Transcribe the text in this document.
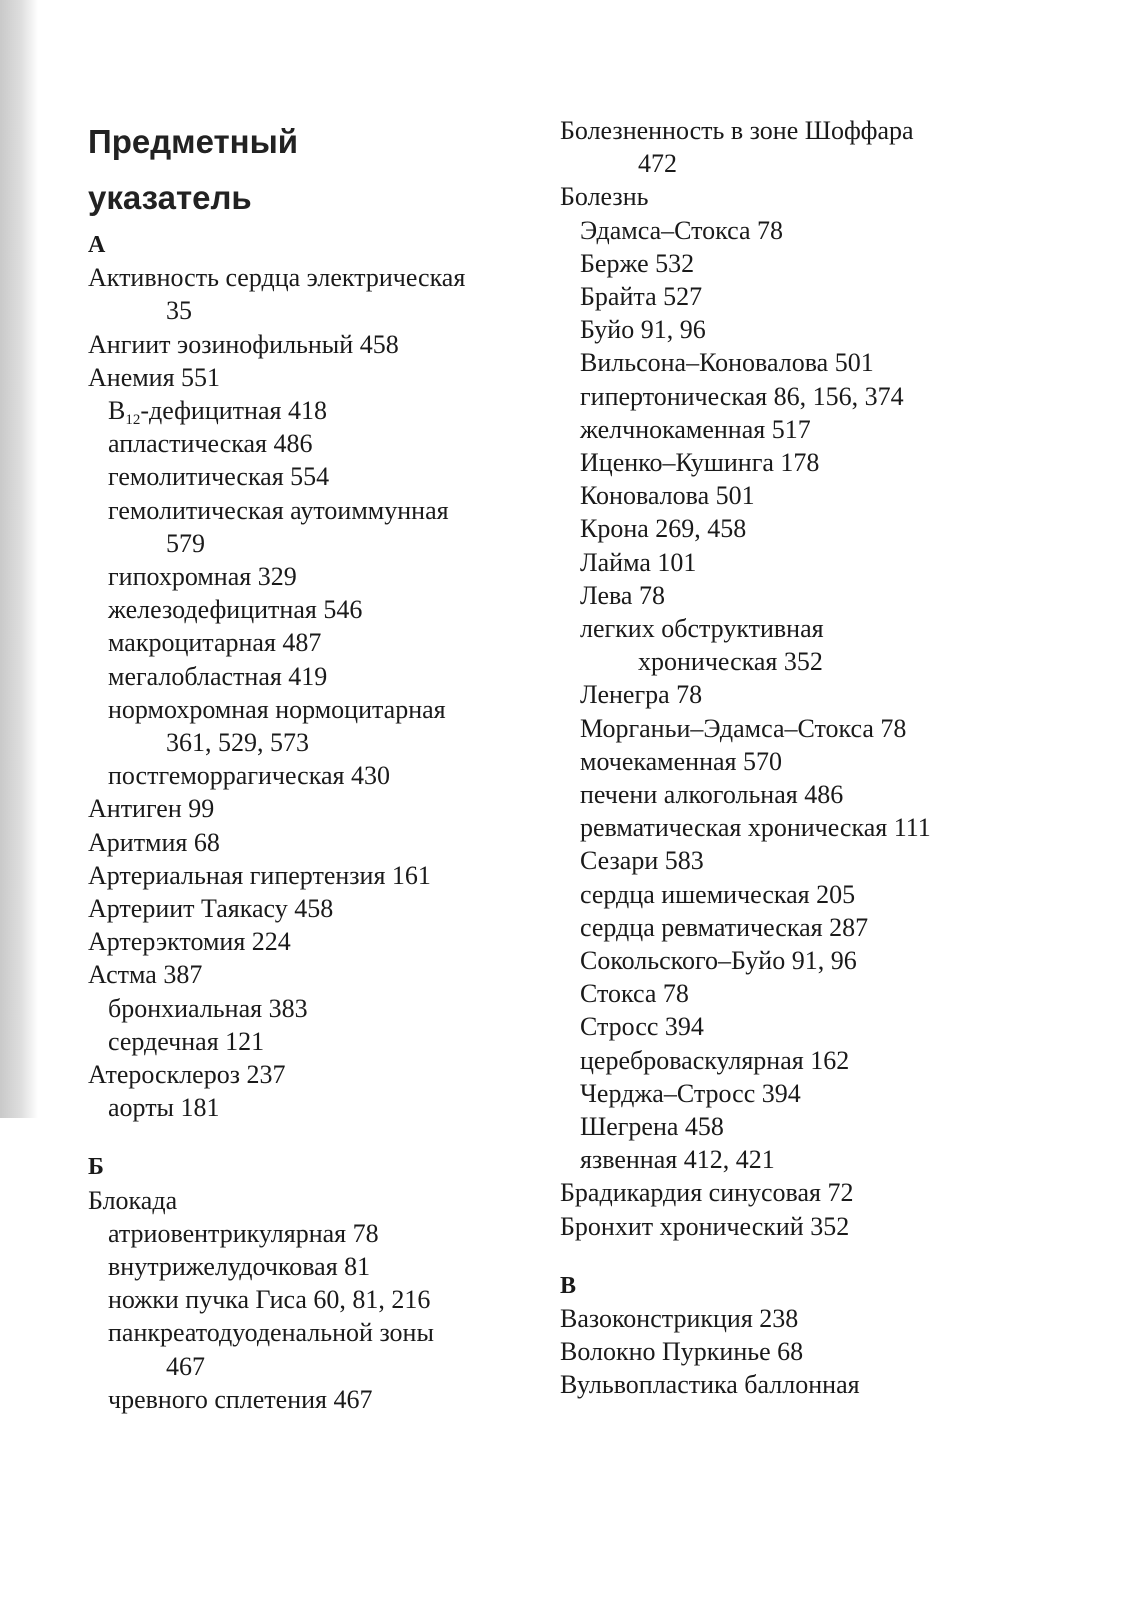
Предметный
указатель
А
Активность сердца электрическая
35
Ангиит эозинофильный 458
Анемия 551
$B_{12}$-дефицитная 418
апластическая 486
гемолитическая 554
гемолитическая аутоиммунная
579
гипохромная 329
железодефицитная 546
макроцитарная 487
мегалобластная 419
нормохромная нормоцитарная
361, 529, 573
постгеморрагическая 430
Антиген 99
Аритмия 68
Артериальная гипертензия 161
Артериит Таякасу 458
Артерэктомия 224
Астма 387
бронхиальная 383
сердечная 121
Атеросклероз 237
аорты 181
Б
Блокада
атриовентрикулярная 78
внутрижелудочковая 81
ножки пучка Гиса 60, 81, 216
панкреатодуоденальной зоны
467
чревного сплетения 467
Болезненность в зоне Шоффара
472
Болезнь
Эдамса–Стокса 78
Берже 532
Брайта 527
Буйо 91, 96
Вильсона–Коновалова 501
гипертоническая 86, 156, 374
желчнокаменная 517
Иценко–Кушинга 178
Коновалова 501
Крона 269, 458
Лайма 101
Лева 78
легких обструктивная
хроническая 352
Ленегра 78
Морганьи–Эдамса–Стокса 78
мочекаменная 570
печени алкогольная 486
ревматическая хроническая 111
Сезари 583
сердца ишемическая 205
сердца ревматическая 287
Сокольского–Буйо 91, 96
Стокса 78
Стросс 394
цереброваскулярная 162
Черджа–Стросс 394
Шегрена 458
язвенная 412, 421
Брадикардия синусовая 72
Бронхит хронический 352
В
Вазоконстрикция 238
Волокно Пуркинье 68
Вульвопластика баллонная
